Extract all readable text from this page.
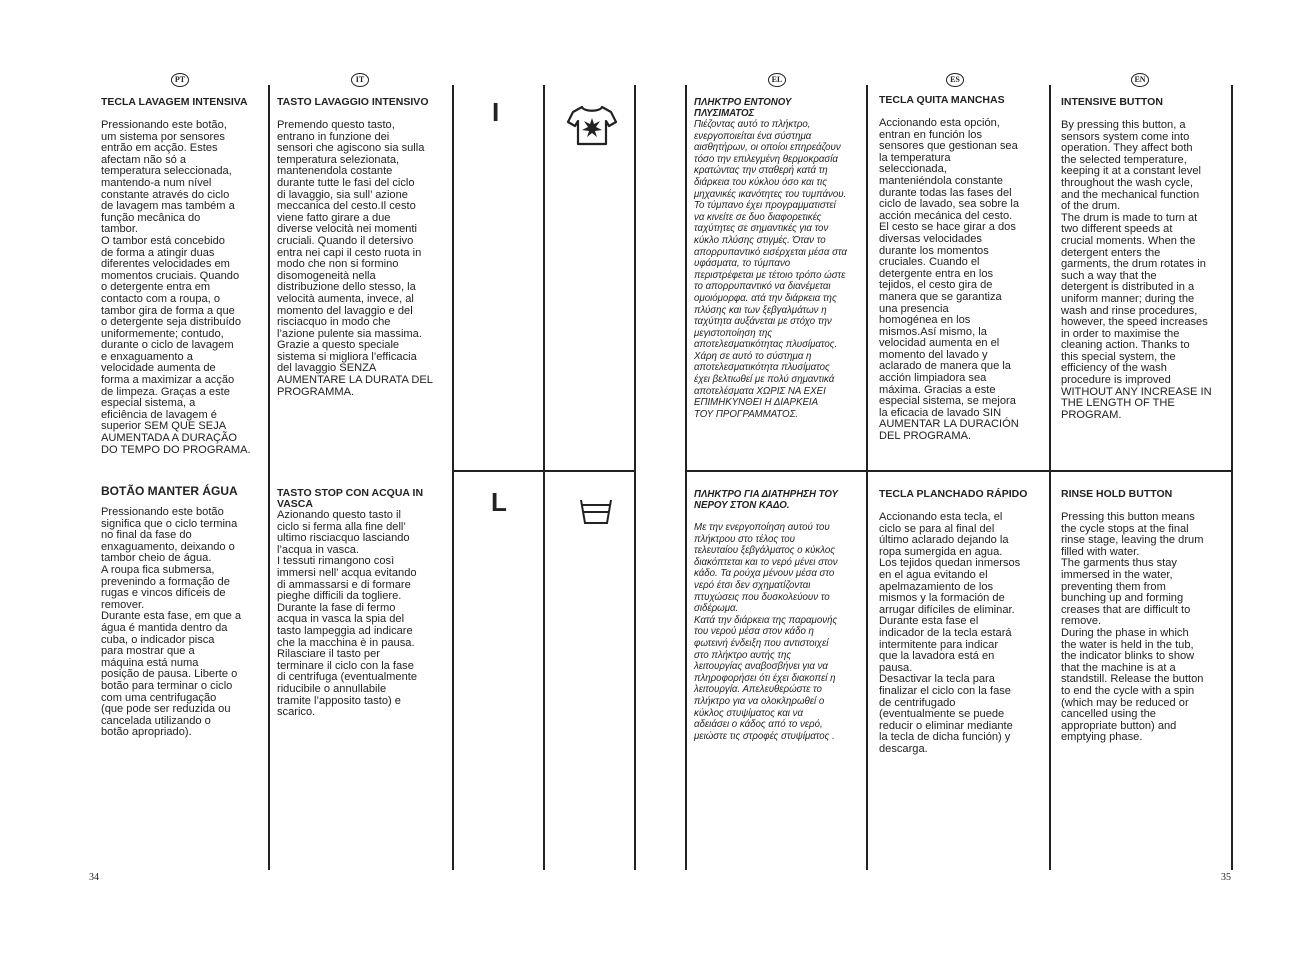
PT	IT
I
L
TECLA LAVAGEM INTENSIVA
Pressionando este botão,
um sistema por sensores
entrão em acção. Estes
afectam não só a
temperatura seleccionada,
mantendo-a num nível
constante através do ciclo
de lavagem mas também a
função mecânica do
tambor.
O tambor está concebido
de forma a atingir duas
diferentes velocidades em
momentos cruciais. Quando
o detergente entra em
contacto com a roupa, o
tambor gira de forma a que
o detergente seja distribuído
uniformemente; contudo,
durante o ciclo de lavagem
e enxaguamento a
velocidade aumenta de
forma a maximizar a acção
de limpeza. Graças a este
especial sistema, a
eficiência de lavagem é
superior SEM QUE SEJA
AUMENTADA A DURAÇÃO
DO TEMPO DO PROGRAMA.
TASTO LAVAGGIO INTENSIVO
Premendo questo tasto,
entrano in funzione dei
sensori che agiscono sia sulla
temperatura selezionata,
mantenendola costante
durante tutte le fasi del ciclo
di lavaggio, sia sull’ azione
meccanica del cesto.Il cesto
viene fatto girare a due
diverse velocità nei momenti
cruciali. Quando il detersivo
entra nei capi il cesto ruota in
modo che non si formino
disomogeneità nella
distribuzione dello stesso, la
velocità aumenta, invece, al
momento del lavaggio e del
risciacquo in modo che
l’azione pulente sia massima.
Grazie a questo speciale
sistema si migliora l’efficacia
del lavaggio SENZA
AUMENTARE LA DURATA DEL
PROGRAMMA.
BOTÃO MANTER ÁGUA
Pressionando este botão
significa que o ciclo termina
no final da fase do
enxaguamento, deixando o
tambor cheio de água.
A roupa fica submersa,
prevenindo a formação de
rugas e vincos difíceis de
remover.
Durante esta fase, em que a
água é mantida dentro da
cuba, o indicador pisca
para mostrar que a
máquina está numa
posição de pausa. Liberte o
botão para terminar o ciclo
com uma centrifugação
(que pode ser reduzida ou
cancelada utilizando o
botão apropriado).
TASTO STOP CON ACQUA IN
VASCA
Azionando questo tasto il
ciclo si ferma alla fine dell’
ultimo risciacquo lasciando
l’acqua in vasca.
I tessuti rimangono così
immersi nell’ acqua evitando
di ammassarsi e di formare
pieghe difficili da togliere.
Durante la fase di fermo
acqua in vasca la spia del
tasto lampeggia ad indicare
che la macchina è in pausa.
Rilasciare il tasto per
terminare il ciclo con la fase
di centrifuga (eventualmente
riducibile o annullabile
tramite l’apposito tasto) e
scarico.
34
EL	ES	EN
ΠΛΗΚΤΡΟ ΕΝΤΟΝΟΥ
ΠΛΥΣΙΜΑΤΟΣ
Πιέζοντας αυτό το πλήκτρο,
ενεργοποιείται ένα σύστημα
αισθητήρων, οι οποίοι επηρεάζουν
τόσο την επιλεγμένη θερμοκρασία
κρατώντας την σταθερή κατά τη
διάρκεια του κύκλου όσο και τις
μηχανικές ικανότητες του τυμπάνου.
Το τύμπανο έχει προγραμματιστεί
να κινείτε σε δυο διαφορετικές
ταχύτητες σε σημαντικές για τον
κύκλο πλύσης στιγμές. Όταν το
απορρυπαντικό εισέρχεται μέσα στα
υφάσματα, το τύμπανο
περιστρέφεται με τέτοιο τρόπο ώστε
το απορρυπαντικό να διανέμεται
ομοιόμορφα. ατά την διάρκεια της
πλύσης και των ξεβγαλμάτων η
ταχύτητα αυξάνεται με στόχο την
μεγιστοποίηση της
αποτελεσματικότητας πλυσίματος.
Χάρη σε αυτό το σύστημα η
αποτελεσματικότητα πλυσίματος
έχει βελτιωθεί με πολύ σημαντικά
αποτελέσματα ΧΩΡΙΣ ΝΑ ΕΧΕΙ
ΕΠΙΜΗΚΥΝΘΕΙ Η ΔΙΑΡΚΕΙΑ
ΤΟΥ ΠΡΟΓΡΑΜΜΑΤΟΣ.
TECLA QUITA MANCHAS
Accionando esta opción,
entran en función los
sensores que gestionan sea
la temperatura
seleccionada,
manteniéndola constante
durante todas las fases del
ciclo de lavado, sea sobre la
acción mecánica del cesto.
El cesto se hace girar a dos
diversas velocidades
durante los momentos
cruciales. Cuando el
detergente entra en los
tejidos, el cesto gira de
manera que se garantiza
una presencia
homogénea en los
mismos.Así mismo, la
velocidad aumenta en el
momento del lavado y
aclarado de manera que la
acción limpiadora sea
máxima. Gracias a este
especial sistema, se mejora
la eficacia de lavado SIN
AUMENTAR LA DURACIÓN
DEL PROGRAMA.
INTENSIVE BUTTON
By pressing this button, a
sensors system come into
operation. They affect both
the selected temperature,
keeping it at a constant level
throughout the wash cycle,
and the mechanical function
of the drum.
The drum is made to turn at
two different speeds at
crucial moments. When the
detergent enters the
garments, the drum rotates in
such a way that the
detergent is distributed in a
uniform manner; during the
wash and rinse procedures,
however, the speed increases
in order to maximise the
cleaning action. Thanks to
this special system, the
efficiency of the wash
procedure is improved
WITHOUT ANY INCREASE IN
THE LENGTH OF THE
PROGRAM.
ΠΛΗΚΤΡΟ ΓΙΑ ΔΙΑΤΗΡΗΣΗ ΤΟΥ
ΝΕΡΟΥ ΣΤΟΝ ΚΑΔΟ.
Με την ενεργοποίηση αυτού του
πλήκτρου στο τέλος του
τελευταίου ξεβγάλματος ο κύκλος
διακόπτεται και το νερό μένει στον
κάδο. Τα ρούχα μένουν μέσα στο
νερό έτσι δεν σχηματίζονται
πτυχώσεις που δυσκολεύουν το
σιδέρωμα.
Κατά την διάρκεια της παραμονής
του νερού μέσα στον κάδο η
φωτεινή ένδειξη που αντιστοιχεί
στο πλήκτρο αυτής της
λειτουργίας αναβοσβήνει για να
πληροφορήσει ότι έχει διακοπεί η
λειτουργία. Απελευθερώστε το
πλήκτρο για να ολοκληρωθεί ο
κύκλος στυψίματος και να
αδειάσει ο κάδος από το νερό,
μειώστε τις στροφές στυψίματος .
TECLA PLANCHADO RÁPIDO
Accionando esta tecla, el
ciclo se para al final del
último aclarado dejando la
ropa sumergida en agua.
Los tejidos quedan inmersos
en el agua evitando el
apelmazamiento de los
mismos y la formación de
arrugar difíciles de eliminar.
Durante esta fase el
indicador de la tecla estará
intermitente para indicar
que la lavadora está en
pausa.
Desactivar la tecla para
finalizar el ciclo con la fase
de centrifugado
(eventualmente se puede
reducir o eliminar mediante
la tecla de dicha función) y
descarga.
RINSE HOLD BUTTON
Pressing this button means
the cycle stops at the final
rinse stage, leaving the drum
filled with water.
The garments thus stay
immersed in the water,
preventing them from
bunching up and forming
creases that are difficult to
remove.
During the phase in which
the water is held in the tub,
the indicator blinks to show
that the machine is at a
standstill. Release the button
to end the cycle with a spin
(which may be reduced or
cancelled using the
appropriate button) and
emptying phase.
35
